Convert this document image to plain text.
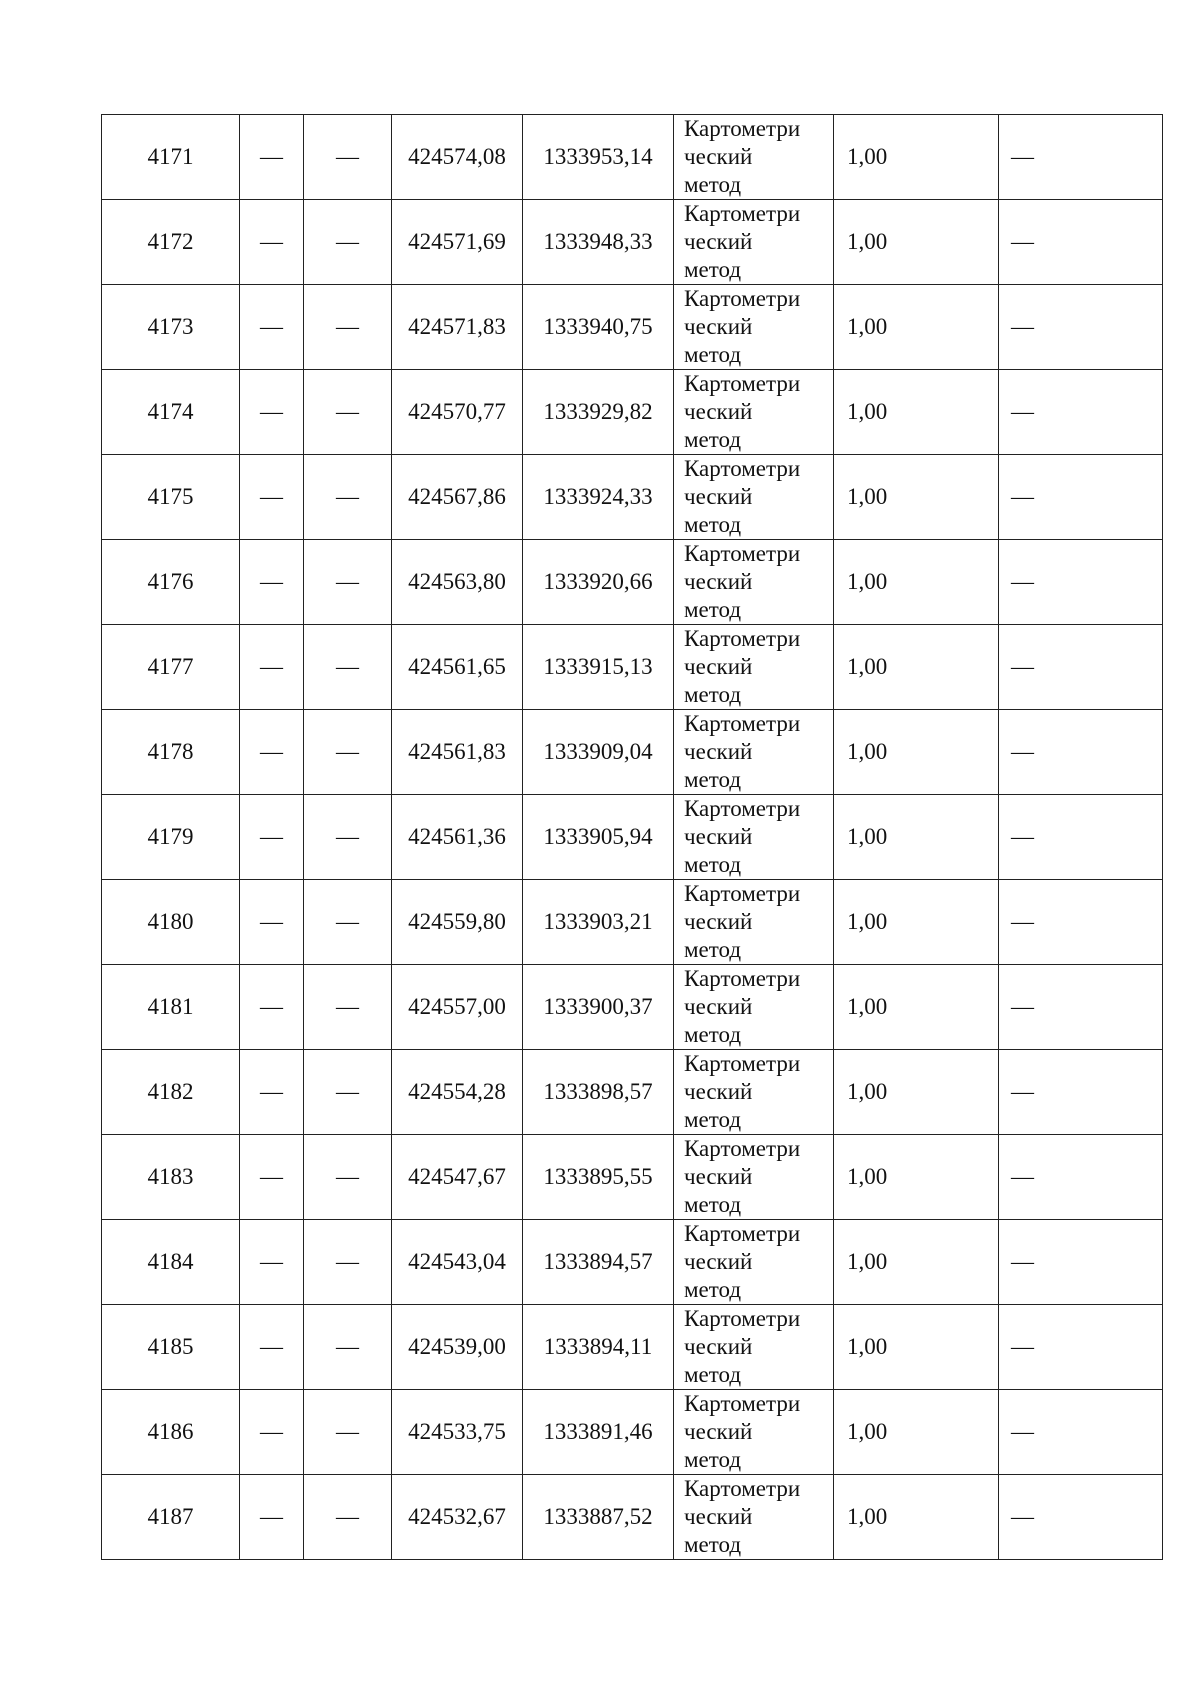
4171	—	—	424574,08	1333953,14	Картометри
ческий
метод	1,00	—
4172	—	—	424571,69	1333948,33	Картометри
ческий
метод	1,00	—
4173	—	—	424571,83	1333940,75	Картометри
ческий
метод	1,00	—
4174	—	—	424570,77	1333929,82	Картометри
ческий
метод	1,00	—
4175	—	—	424567,86	1333924,33	Картометри
ческий
метод	1,00	—
4176	—	—	424563,80	1333920,66	Картометри
ческий
метод	1,00	—
4177	—	—	424561,65	1333915,13	Картометри
ческий
метод	1,00	—
4178	—	—	424561,83	1333909,04	Картометри
ческий
метод	1,00	—
4179	—	—	424561,36	1333905,94	Картометри
ческий
метод	1,00	—
4180	—	—	424559,80	1333903,21	Картометри
ческий
метод	1,00	—
4181	—	—	424557,00	1333900,37	Картометри
ческий
метод	1,00	—
4182	—	—	424554,28	1333898,57	Картометри
ческий
метод	1,00	—
4183	—	—	424547,67	1333895,55	Картометри
ческий
метод	1,00	—
4184	—	—	424543,04	1333894,57	Картометри
ческий
метод	1,00	—
4185	—	—	424539,00	1333894,11	Картометри
ческий
метод	1,00	—
4186	—	—	424533,75	1333891,46	Картометри
ческий
метод	1,00	—
4187	—	—	424532,67	1333887,52	Картометри
ческий
метод	1,00	—
